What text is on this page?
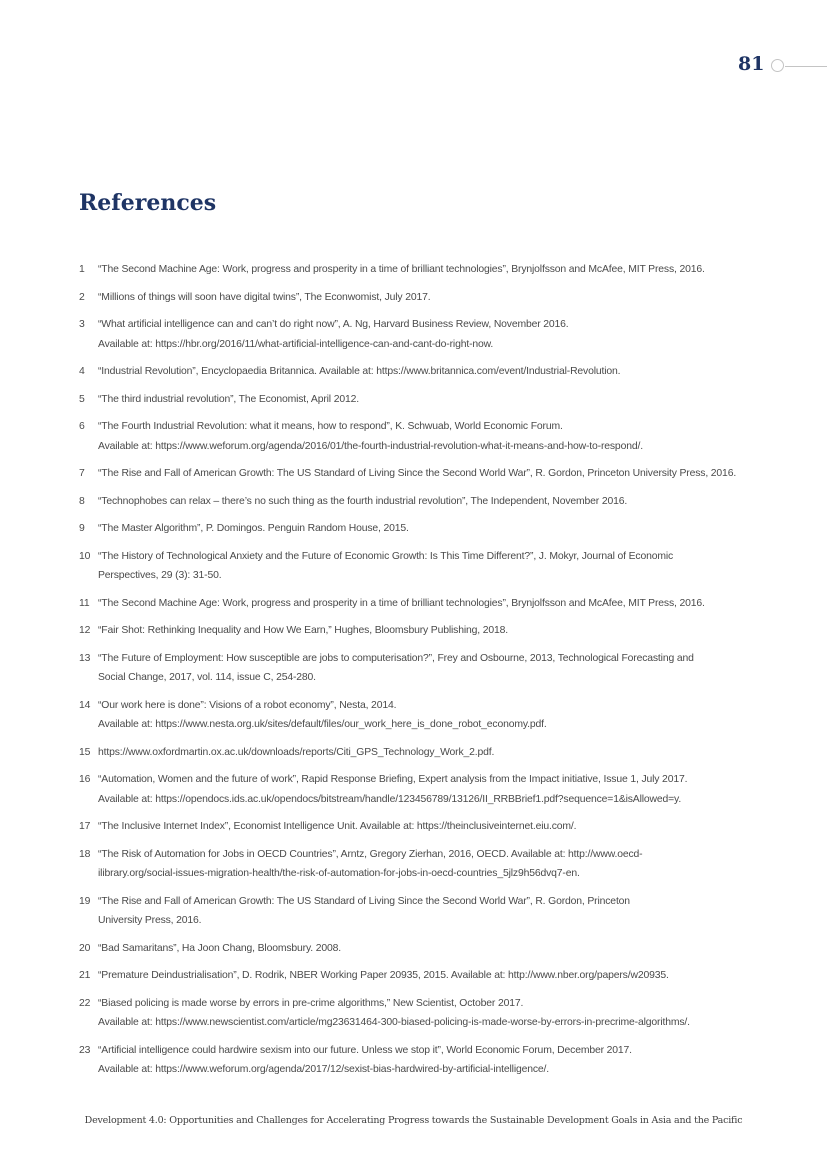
81
References
1	“The Second Machine Age: Work, progress and prosperity in a time of brilliant technologies”, Brynjolfsson and McAfee, MIT Press, 2016.
2	“Millions of things will soon have digital twins”, The Econwomist, July 2017.
3	“What artificial intelligence can and can’t do right now”, A. Ng, Harvard Business Review, November 2016.
Available at: https://hbr.org/2016/11/what-artificial-intelligence-can-and-cant-do-right-now.
4	“Industrial Revolution”, Encyclopaedia Britannica. Available at: https://www.britannica.com/event/Industrial-Revolution.
5	“The third industrial revolution”, The Economist, April 2012.
6	“The Fourth Industrial Revolution: what it means, how to respond”, K. Schwuab, World Economic Forum.
Available at: https://www.weforum.org/agenda/2016/01/the-fourth-industrial-revolution-what-it-means-and-how-to-respond/.
7	“The Rise and Fall of American Growth: The US Standard of Living Since the Second World War”, R. Gordon, Princeton University Press, 2016.
8	“Technophobes can relax – there’s no such thing as the fourth industrial revolution”, The Independent, November 2016.
9	“The Master Algorithm”, P. Domingos. Penguin Random House, 2015.
10 “The History of Technological Anxiety and the Future of Economic Growth: Is This Time Different?”, J. Mokyr, Journal of Economic
Perspectives, 29 (3): 31-50.
11 “The Second Machine Age: Work, progress and prosperity in a time of brilliant technologies”, Brynjolfsson and McAfee, MIT Press, 2016.
12 “Fair Shot: Rethinking Inequality and How We Earn,” Hughes, Bloomsbury Publishing, 2018.
13 “The Future of Employment: How susceptible are jobs to computerisation?”, Frey and Osbourne, 2013, Technological Forecasting and
Social Change, 2017, vol. 114, issue C, 254-280.
14 “Our work here is done”: Visions of a robot economy”, Nesta, 2014.
Available at: https://www.nesta.org.uk/sites/default/files/our_work_here_is_done_robot_economy.pdf.
15 https://www.oxfordmartin.ox.ac.uk/downloads/reports/Citi_GPS_Technology_Work_2.pdf.
16 “Automation, Women and the future of work”, Rapid Response Briefing, Expert analysis from the Impact initiative, Issue 1, July 2017.
Available at: https://opendocs.ids.ac.uk/opendocs/bitstream/handle/123456789/13126/II_RRBBrief1.pdf?sequence=1&isAllowed=y.
17 “The Inclusive Internet Index”, Economist Intelligence Unit. Available at: https://theinclusiveinternet.eiu.com/.
18 “The Risk of Automation for Jobs in OECD Countries”, Arntz, Gregory Zierhan, 2016, OECD. Available at: http://www.oecd-
ilibrary.org/social-issues-migration-health/the-risk-of-automation-for-jobs-in-oecd-countries_5jlz9h56dvq7-en.
19 “The Rise and Fall of American Growth: The US Standard of Living Since the Second World War”, R. Gordon, Princeton
University Press, 2016.
20 “Bad Samaritans”, Ha Joon Chang, Bloomsbury. 2008.
21 “Premature Deindustrialisation”, D. Rodrik, NBER Working Paper 20935, 2015. Available at: http://www.nber.org/papers/w20935.
22 “Biased policing is made worse by errors in pre-crime algorithms,” New Scientist, October 2017.
Available at: https://www.newscientist.com/article/mg23631464-300-biased-policing-is-made-worse-by-errors-in-precrime-algorithms/.
23 “Artificial intelligence could hardwire sexism into our future. Unless we stop it”, World Economic Forum, December 2017.
Available at: https://www.weforum.org/agenda/2017/12/sexist-bias-hardwired-by-artificial-intelligence/.
Development 4.0: Opportunities and Challenges for Accelerating Progress towards the Sustainable Development Goals in Asia and the Pacific
